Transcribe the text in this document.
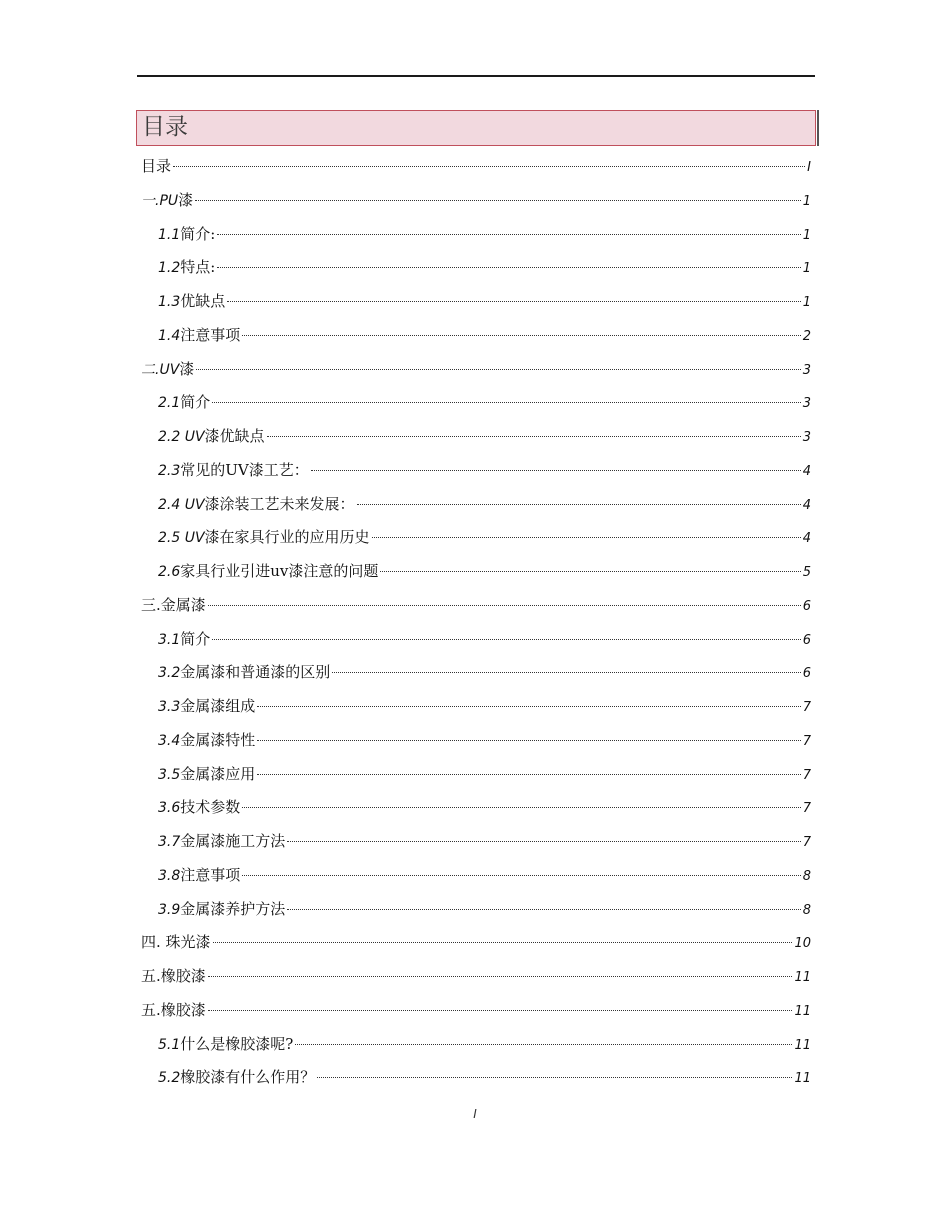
目录
目录	I
一.PU 漆	1
1.1 简介:	1
1.2 特点:	1
1.3 优缺点	1
1.4 注意事项	2
二.UV 漆	3
2.1 简介	3
2.2 UV 漆优缺点	3
2.3 常见的UV漆工艺：	4
2.4 UV 漆涂装工艺未来发展：	4
2.5 UV 漆在家具行业的应用历史	4
2.6 家具行业引进uv漆注意的问题	5
三.金属漆	6
3.1 简介	6
3.2 金属漆和普通漆的区别	6
3.3 金属漆组成	7
3.4 金属漆特性	7
3.5 金属漆应用	7
3.6 技术参数	7
3.7 金属漆施工方法	7
3.8 注意事项	8
3.9 金属漆养护方法	8
四. 珠光漆	10
五.橡胶漆	11
五.橡胶漆	11
5.1 什么是橡胶漆呢?	11
5.2 橡胶漆有什么作用？	11
I
